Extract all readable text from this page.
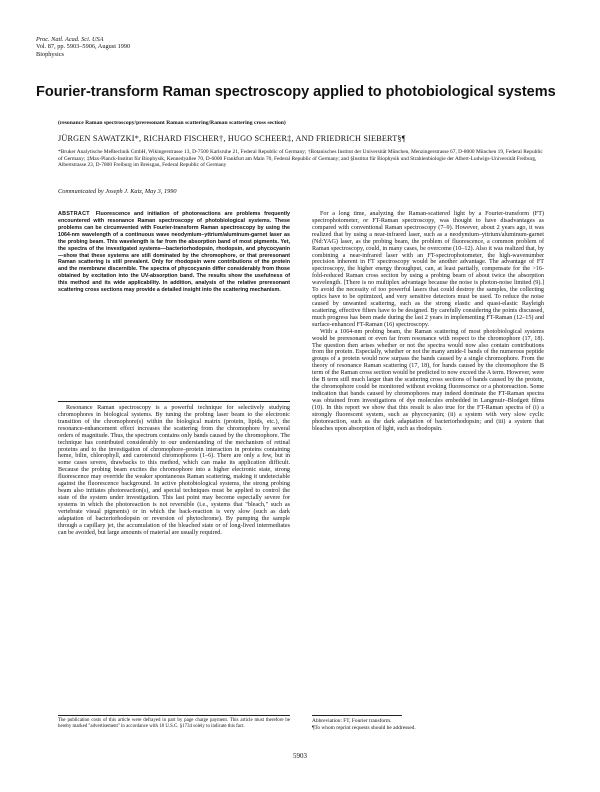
Proc. Natl. Acad. Sci. USA
Vol. 87, pp. 5903–5906, August 1990
Biophysics
Fourier-transform Raman spectroscopy applied to photobiological systems
(resonance Raman spectroscopy/preresonant Raman scattering/Raman scattering cross section)
JÜRGEN SAWATZKI*, RICHARD FISCHER†, HUGO SCHEER‡, AND FRIEDRICH SIEBERT§¶
*Bruker Analytische Meßtechnik GmbH, Wikingerstrasse 13, D-7500 Karlsruhe 21, Federal Republic of Germany; †Botanisches Institut der Universität München, Menzingerstrasse 67, D-8000 München 19, Federal Republic of Germany; ‡Max-Planck-Institut für Biophysik, Kennedyallee 70, D-6000 Frankfurt am Main 70, Federal Republic of Germany; and §Institut für Biophysik und Strahlenbiologie der Albert-Ludwigs-Universität Freiburg, Albertstrasse 23, D-7800 Freiburg im Breisgau, Federal Republic of Germany
Communicated by Joseph J. Katz, May 3, 1990
ABSTRACT Fluorescence and initiation of photoreactions are problems frequently encountered with resonance Raman spectroscopy of photobiological systems. These problems can be circumvented with Fourier-transform Raman spectroscopy by using the 1064-nm wavelength of a continuous wave neodymium–yttrium/aluminum-garnet laser as the probing beam. This wavelength is far from the absorption band of most pigments. Yet, the spectra of the investigated systems—bacteriorhodopsin, rhodopsin, and phycocyanin—show that these systems are still dominated by the chromophore, or that preresonant Raman scattering is still prevalent. Only for rhodopsin were contributions of the protein and the membrane discernible. The spectra of phycocyanin differ considerably from those obtained by excitation into the UV-absorption band. The results show the usefulness of this method and its wide applicability. In addition, analysis of the relative preresonant scattering cross sections may provide a detailed insight into the scattering mechanism.
Resonance Raman spectroscopy is a powerful technique for selectively studying chromophores in biological systems. By tuning the probing laser beam to the electronic transition of the chromophore(s) within the biological matrix (protein, lipids, etc.), the resonance-enhancement effect increases the scattering from the chromophore by several orders of magnitude. Thus, the spectrum contains only bands caused by the chromophore. The technique has contributed considerably to our understanding of the mechanism of retinal proteins and to the investigation of chromophore–protein interaction in proteins containing heme, bilin, chlorophyll, and carotenoid chromophores (1–6). There are only a few, but in some cases severe, drawbacks to this method, which can make its application difficult. Because the probing beam excites the chromophore into a higher electronic state, strong fluorescence may override the weaker spontaneous Raman scattering, making it undetectable against the fluorescence background. In active photobiological systems, the strong probing beam also initiates photoreaction(s), and special techniques must be applied to control the state of the system under investigation. This last point may become especially severe for systems in which the photoreaction is not reversible (i.e., systems that "bleach," such as vertebrate visual pigments) or in which the back-reaction is very slow (such as dark adaptation of bacteriorhodopsin or reversion of phytochrome). By pumping the sample through a capillary jet, the accumulation of the bleached state or of long-lived intermediates can be avoided, but large amounts of material are usually required.

For a long time, analyzing the Raman-scattered light by a Fourier-transform (FT) spectrophotometer, or FT-Raman spectroscopy, was thought to have disadvantages as compared with conventional Raman spectroscopy (7–9). However, about 2 years ago, it was realized that by using a near-infrared laser, such as a neodymium–yttrium/aluminum-garnet (Nd:YAG) laser, as the probing beam, the problem of fluorescence, a common problem of Raman spectroscopy, could, in many cases, be overcome (10–12). Also it was realized that, by combining a near-infrared laser with an FT-spectrophotometer, the high-wavenumber precision inherent in FT spectroscopy would be another advantage. The advantage of FT spectroscopy, the higher energy throughput, can, at least partially, compensate for the >16-fold-reduced Raman cross section by using a probing beam of about twice the absorption wavelength. [There is no multiplex advantage because the noise is photon-noise limited (9).] To avoid the necessity of too powerful lasers that could destroy the samples, the collecting optics have to be optimized, and very sensitive detectors must be used. To reduce the noise caused by unwanted scattering, such as the strong elastic and quasi-elastic Rayleigh scattering, effective filters have to be designed. By carefully considering the points discussed, much progress has been made during the last 2 years in implementing FT-Raman (12–15) and surface-enhanced FT-Raman (16) spectroscopy.

With a 1064-nm probing beam, the Raman scattering of most photobiological systems would be preresonant or even far from resonance with respect to the chromophore (17, 18). The question then arises whether or not the spectra would now also contain contributions from the protein. Especially, whether or not the many amide-I bands of the numerous peptide groups of a protein would now surpass the bands caused by a single chromophore. From the theory of resonance Raman scattering (17, 18), for bands caused by the chromophore the B term of the Raman cross section would be predicted to now exceed the A term. However, were the B term still much larger than the scattering cross sections of bands caused by the protein, the chromophore could be monitored without evoking fluorescence or a photoreaction. Some indication that bands caused by chromophores may indeed dominate the FT-Raman spectra was obtained from investigations of dye molecules embedded in Langmuir–Blodgett films (10). In this report we show that this result is also true for the FT-Raman spectra of (i) a strongly fluorescent system, such as phycocyanin; (ii) a system with very slow cyclic photoreaction, such as the dark adaptation of bacteriorhodopsin; and (iii) a system that bleaches upon absorption of light, such as rhodopsin.

The publication costs of this article were defrayed in part by page charge payment. This article must therefore be hereby marked "advertisement" in accordance with 18 U.S.C. §1734 solely to indicate this fact.
Abbreviation: FT, Fourier transform.
¶To whom reprint requests should be addressed.
5903
